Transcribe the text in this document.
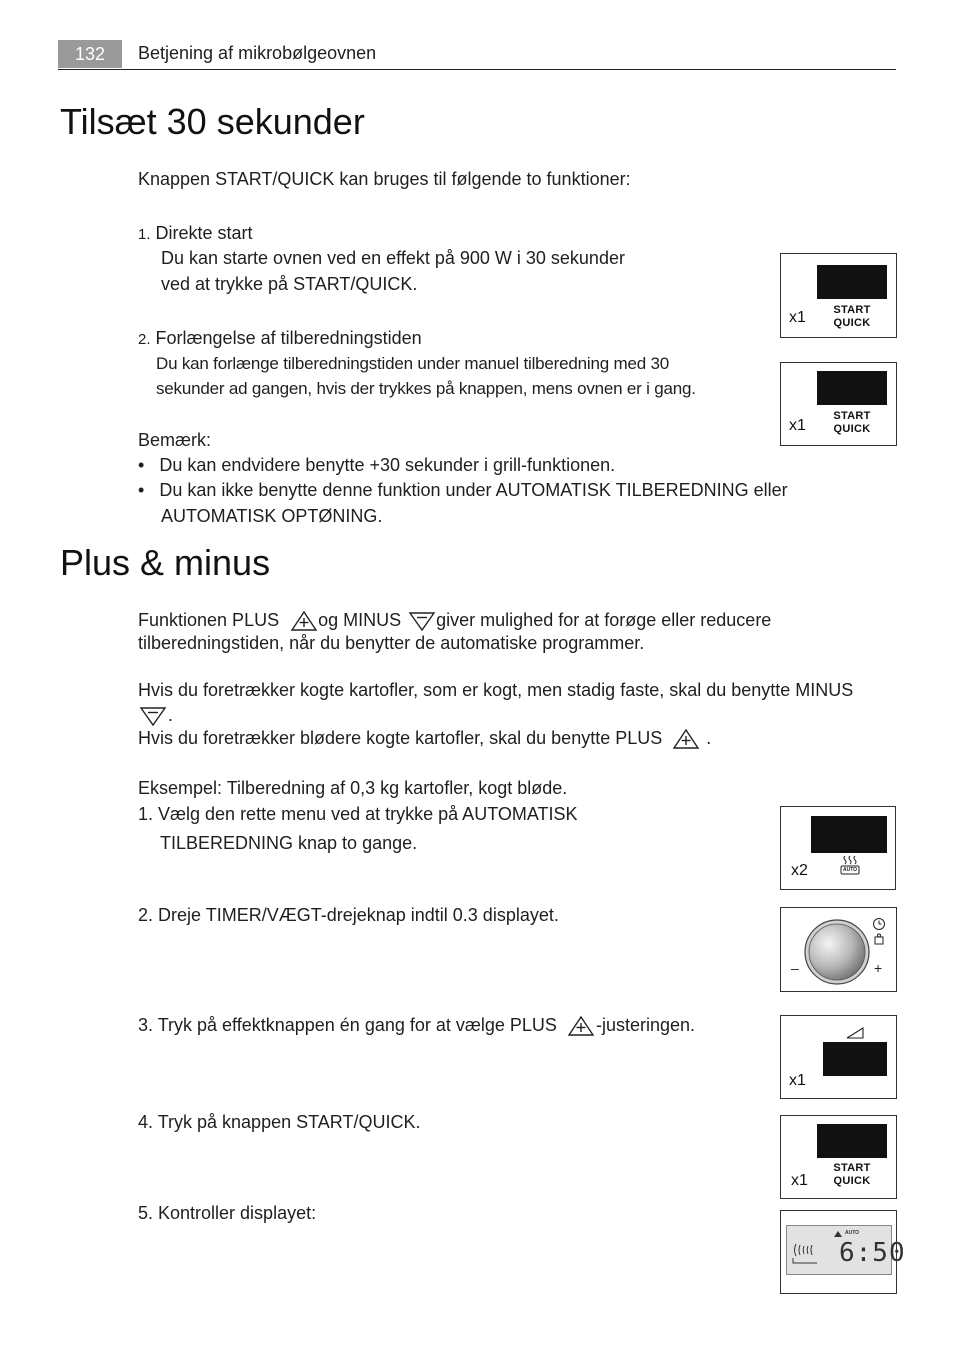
132	Betjening af mikrobølgeovnen
Tilsæt 30 sekunder
Knappen START/QUICK kan bruges til følgende to funktioner:
1. Direkte start
Du kan starte ovnen ved en effekt på 900 W i 30 sekunder
ved at trykke på START/QUICK.
2. Forlængelse af tilberedningstiden
Du kan forlænge tilberedningstiden under manuel tilberedning med 30
sekunder ad gangen, hvis der trykkes på knappen, mens ovnen er i gang.
Bemærk:
• Du kan endvidere benytte +30 sekunder i grill-funktionen.
• Du kan ikke benytte denne funktion under AUTOMATISK TILBEREDNING eller
AUTOMATISK OPTØNING.
x1	START
QUICK
x1
START
QUICK
Plus & minus
Funktionen PLUS og MINUS giver mulighed for at forøge eller reducere
tilberedningstiden, når du benytter de automatiske programmer.
Hvis du foretrækker kogte kartofler, som er kogt, men stadig faste, skal du benytte MINUS
.
Hvis du foretrækker blødere kogte kartofler, skal du benytte PLUS .
Eksempel: Tilberedning af 0,3 kg kartofler, kogt bløde.
1. Vælg den rette menu ved at trykke på AUTOMATISK
TILBEREDNING knap to gange.
2. Dreje TIMER/VÆGT-drejeknap indtil 0.3 displayet.
3. Tryk på effektknappen én gang for at vælge PLUS -justeringen.
4. Tryk på knappen START/QUICK.
5. Kontroller displayet:
x2	AUTO
–	+
x1
x1
START
QUICK
AUTO
6:50
